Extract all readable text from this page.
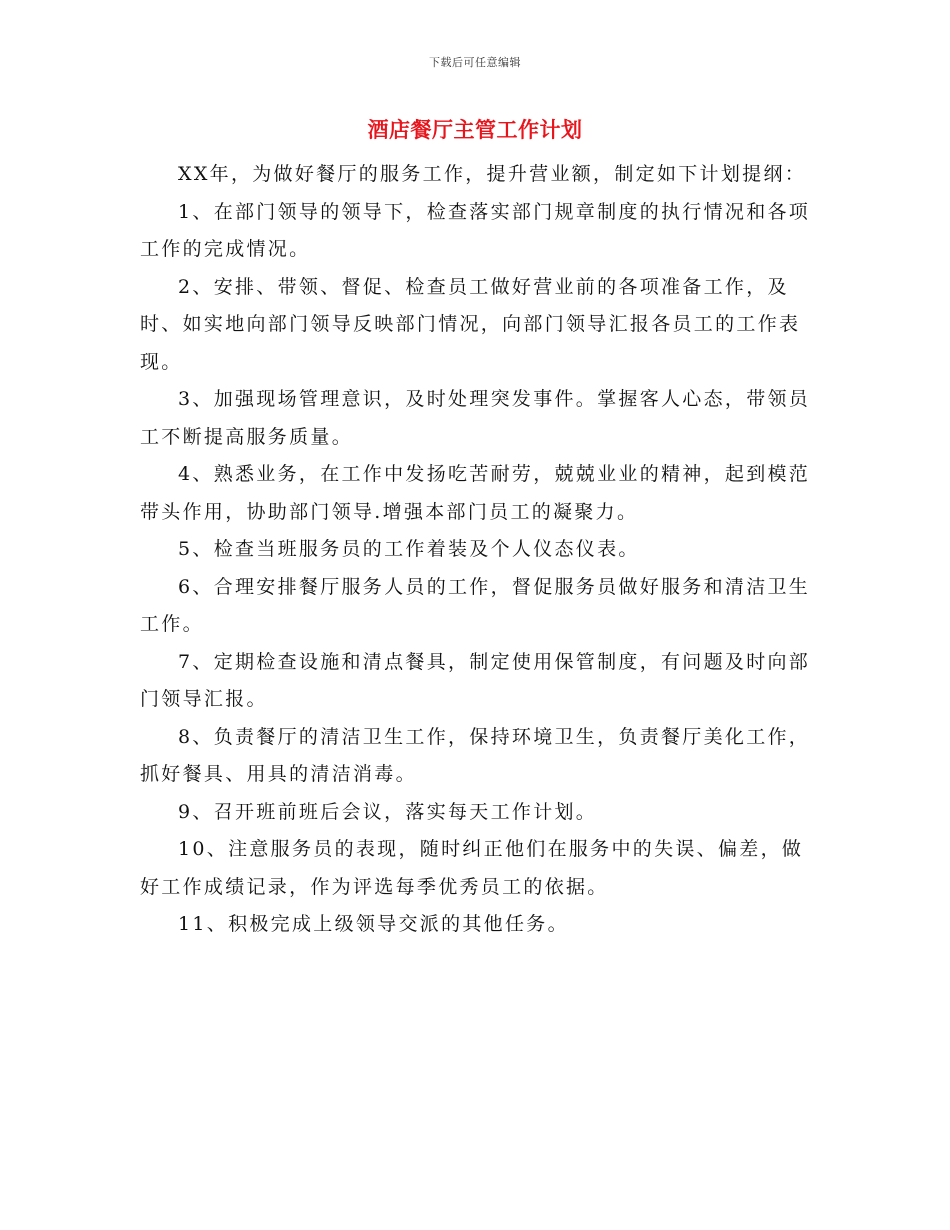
下载后可任意编辑
酒店餐厅主管工作计划

XX年，为做好餐厅的服务工作，提升营业额，制定如下计划提纲：

1、在部门领导的领导下，检查落实部门规章制度的执行情况和各项工作的完成情况。

2、安排、带领、督促、检查员工做好营业前的各项准备工作，及时、如实地向部门领导反映部门情况，向部门领导汇报各员工的工作表现。

3、加强现场管理意识，及时处理突发事件。掌握客人心态，带领员工不断提高服务质量。

4、熟悉业务，在工作中发扬吃苦耐劳，兢兢业业的精神，起到模范带头作用，协助部门领导.增强本部门员工的凝聚力。

5、检查当班服务员的工作着装及个人仪态仪表。

6、合理安排餐厅服务人员的工作，督促服务员做好服务和清洁卫生工作。

7、定期检查设施和清点餐具，制定使用保管制度，有问题及时向部门领导汇报。

8、负责餐厅的清洁卫生工作，保持环境卫生，负责餐厅美化工作，抓好餐具、用具的清洁消毒。

9、召开班前班后会议，落实每天工作计划。

10、注意服务员的表现，随时纠正他们在服务中的失误、偏差，做好工作成绩记录，作为评选每季优秀员工的依据。

11、积极完成上级领导交派的其他任务。
